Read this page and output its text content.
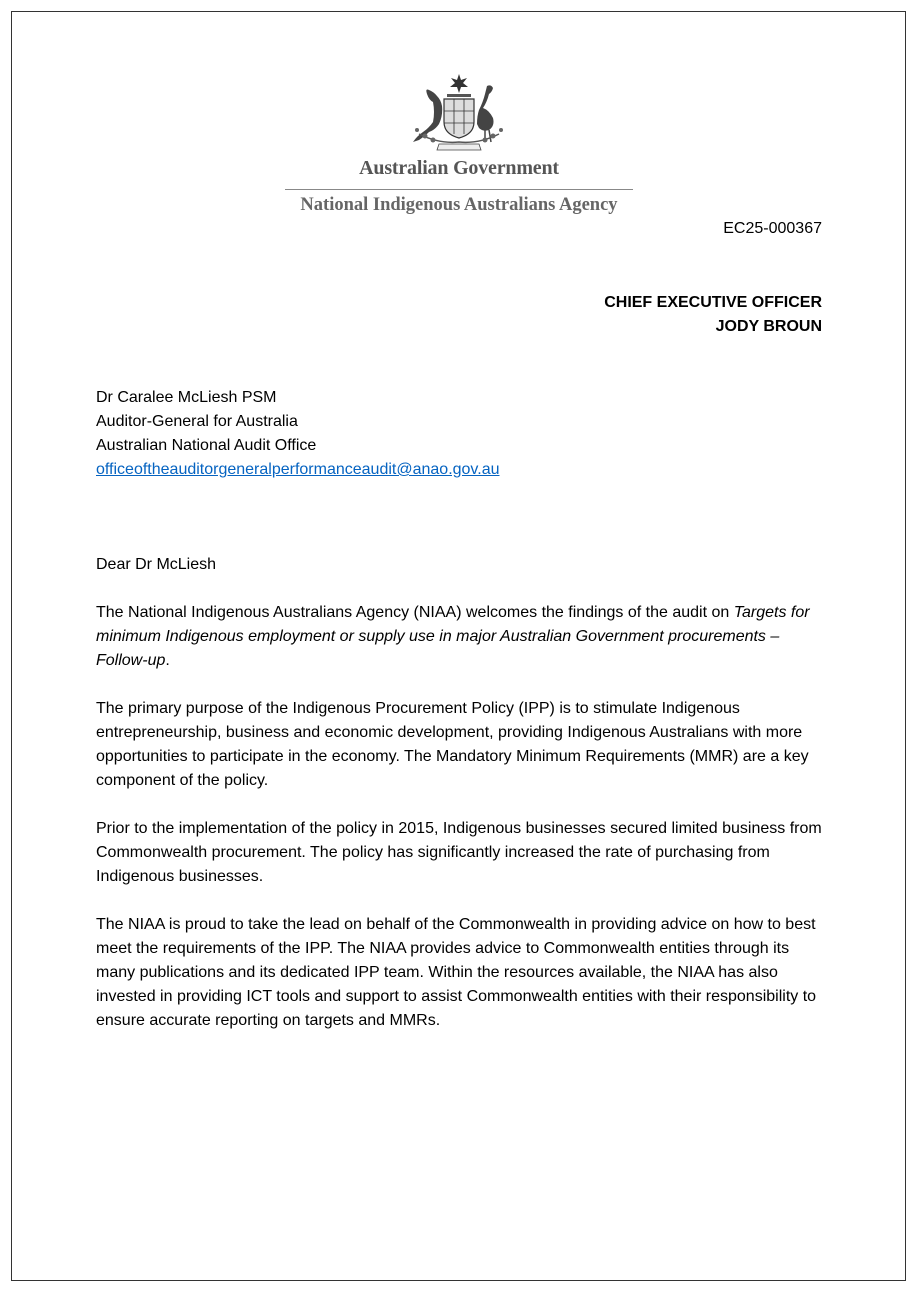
Australian Government
National Indigenous Australians Agency
EC25-000367
CHIEF EXECUTIVE OFFICER
JODY BROUN
Dr Caralee McLiesh PSM
Auditor-General for Australia
Australian National Audit Office
officeoftheauditorgeneralperformanceaudit@anao.gov.au

Dear Dr McLiesh

The National Indigenous Australians Agency (NIAA) welcomes the findings of the audit on Targets for minimum Indigenous employment or supply use in major Australian Government procurements – Follow-up.

The primary purpose of the Indigenous Procurement Policy (IPP) is to stimulate Indigenous entrepreneurship, business and economic development, providing Indigenous Australians with more opportunities to participate in the economy. The Mandatory Minimum Requirements (MMR) are a key component of the policy.

Prior to the implementation of the policy in 2015, Indigenous businesses secured limited business from Commonwealth procurement. The policy has significantly increased the rate of purchasing from Indigenous businesses.

The NIAA is proud to take the lead on behalf of the Commonwealth in providing advice on how to best meet the requirements of the IPP. The NIAA provides advice to Commonwealth entities through its many publications and its dedicated IPP team. Within the resources available, the NIAA has also invested in providing ICT tools and support to assist Commonwealth entities with their responsibility to ensure accurate reporting on targets and MMRs.
